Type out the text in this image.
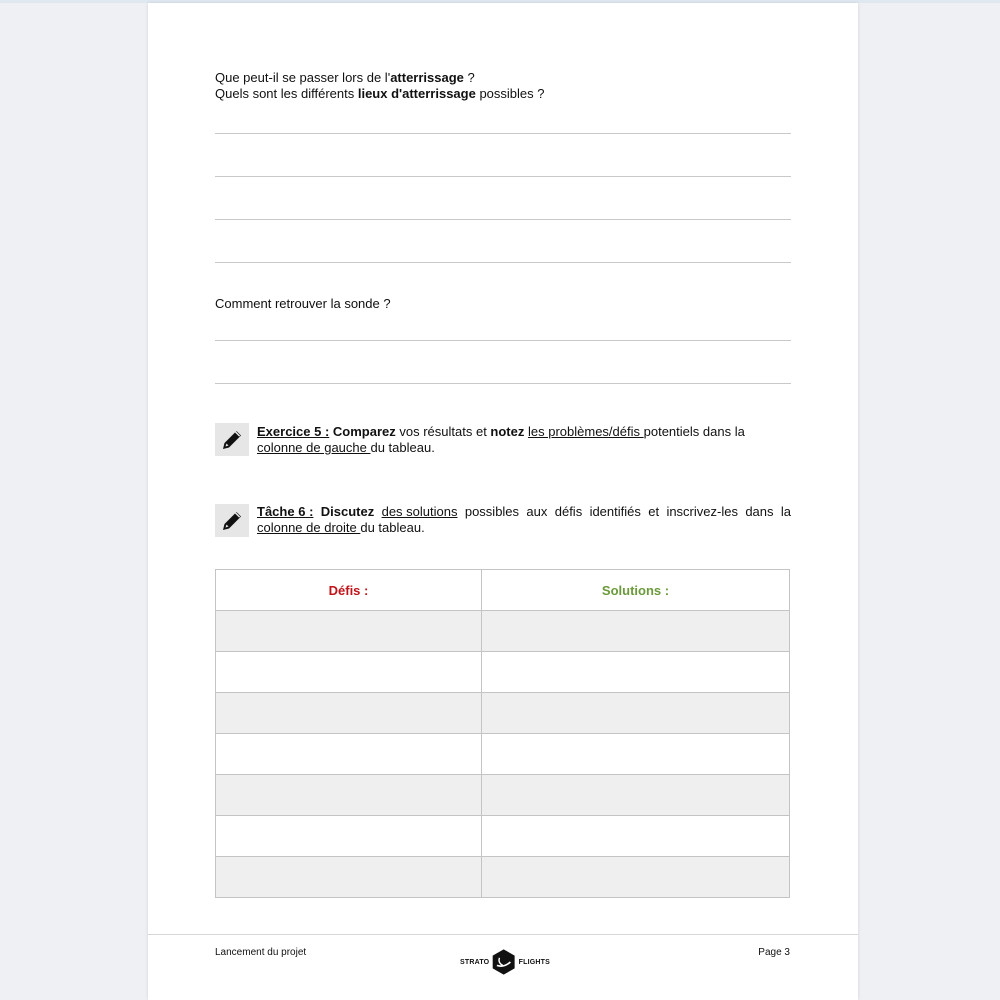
Que peut-il se passer lors de l'atterrissage ?
Quels sont les différents lieux d'atterrissage possibles ?
Comment retrouver la sonde ?
Exercice 5 : Comparez vos résultats et notez les problèmes/défis potentiels dans la
colonne de gauche du tableau.
Tâche 6 : Discutez des solutions possibles aux défis identifiés et inscrivez-les dans la
colonne de droite du tableau.
Défis :	Solutions :

Lancement du projet	Page 3
STRATO	FLIGHTS
